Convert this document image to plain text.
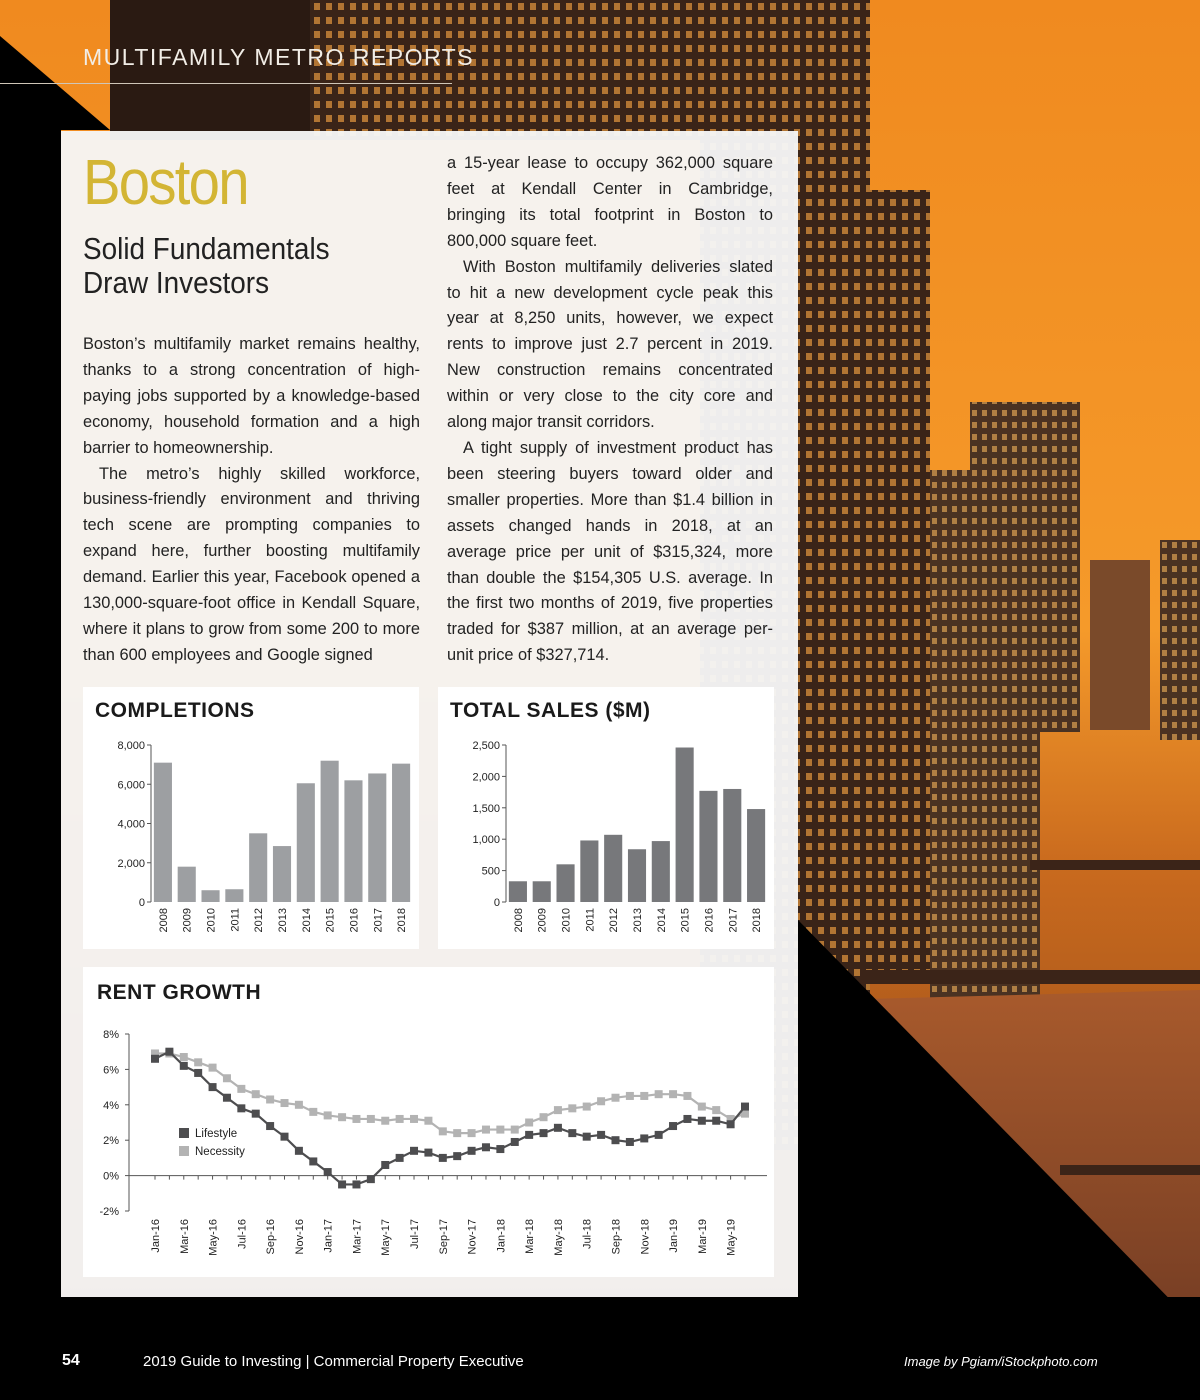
MULTIFAMILY METRO REPORTS
Boston
Solid Fundamentals
Draw Investors

Boston’s multifamily market remains healthy, thanks to a strong concentration of high-paying jobs supported by a knowledge-based economy, household formation and a high barrier to homeownership.

The metro’s highly skilled workforce, business-friendly environment and thriving tech scene are prompting companies to expand here, further boosting multifamily demand. Earlier this year, Facebook opened a 130,000-square-foot office in Kendall Square, where it plans to grow from some 200 to more than 600 employees and Google signed

a 15-year lease to occupy 362,000 square feet at Kendall Center in Cambridge, bringing its total footprint in Boston to 800,000 square feet.

With Boston multifamily deliveries slated to hit a new development cycle peak this year at 8,250 units, however, we expect rents to improve just 2.7 percent in 2019. New construction remains concentrated within or very close to the city core and along major transit corridors.

A tight supply of investment product has been steering buyers toward older and smaller properties. More than $1.4 billion in assets changed hands in 2018, at an average price per unit of $315,324, more than double the $154,305 U.S. average. In the first two months of 2019, five properties traded for $387 million, at an average per-unit price of $327,714.

COMPLETIONS
0
2,000
4,000
6,000
8,000
2008 2009 2010 2011 2012 2013 2014 2015 2016 2017 2018
TOTAL SALES ($M)
0
500
1,000
1,500
2,000
2,500
2008 2009 2010 2011 2012 2013 2014 2015 2016 2017 2018
RENT GROWTH
-2%
0%
2%
4%
6%
8%
Jan-16 Mar-16 May-16 Jul-16 Sep-16 Nov-16 Jan-17 Mar-17 May-17 Jul-17 Sep-17 Nov-17 Jan-18 Mar-18 May-18 Jul-18 Sep-18 Nov-18 Jan-19 Mar-19 May-19
Lifestyle
Necessity
54	2019 Guide to Investing | Commercial Property Executive	Image by Pgiam/iStockphoto.com
